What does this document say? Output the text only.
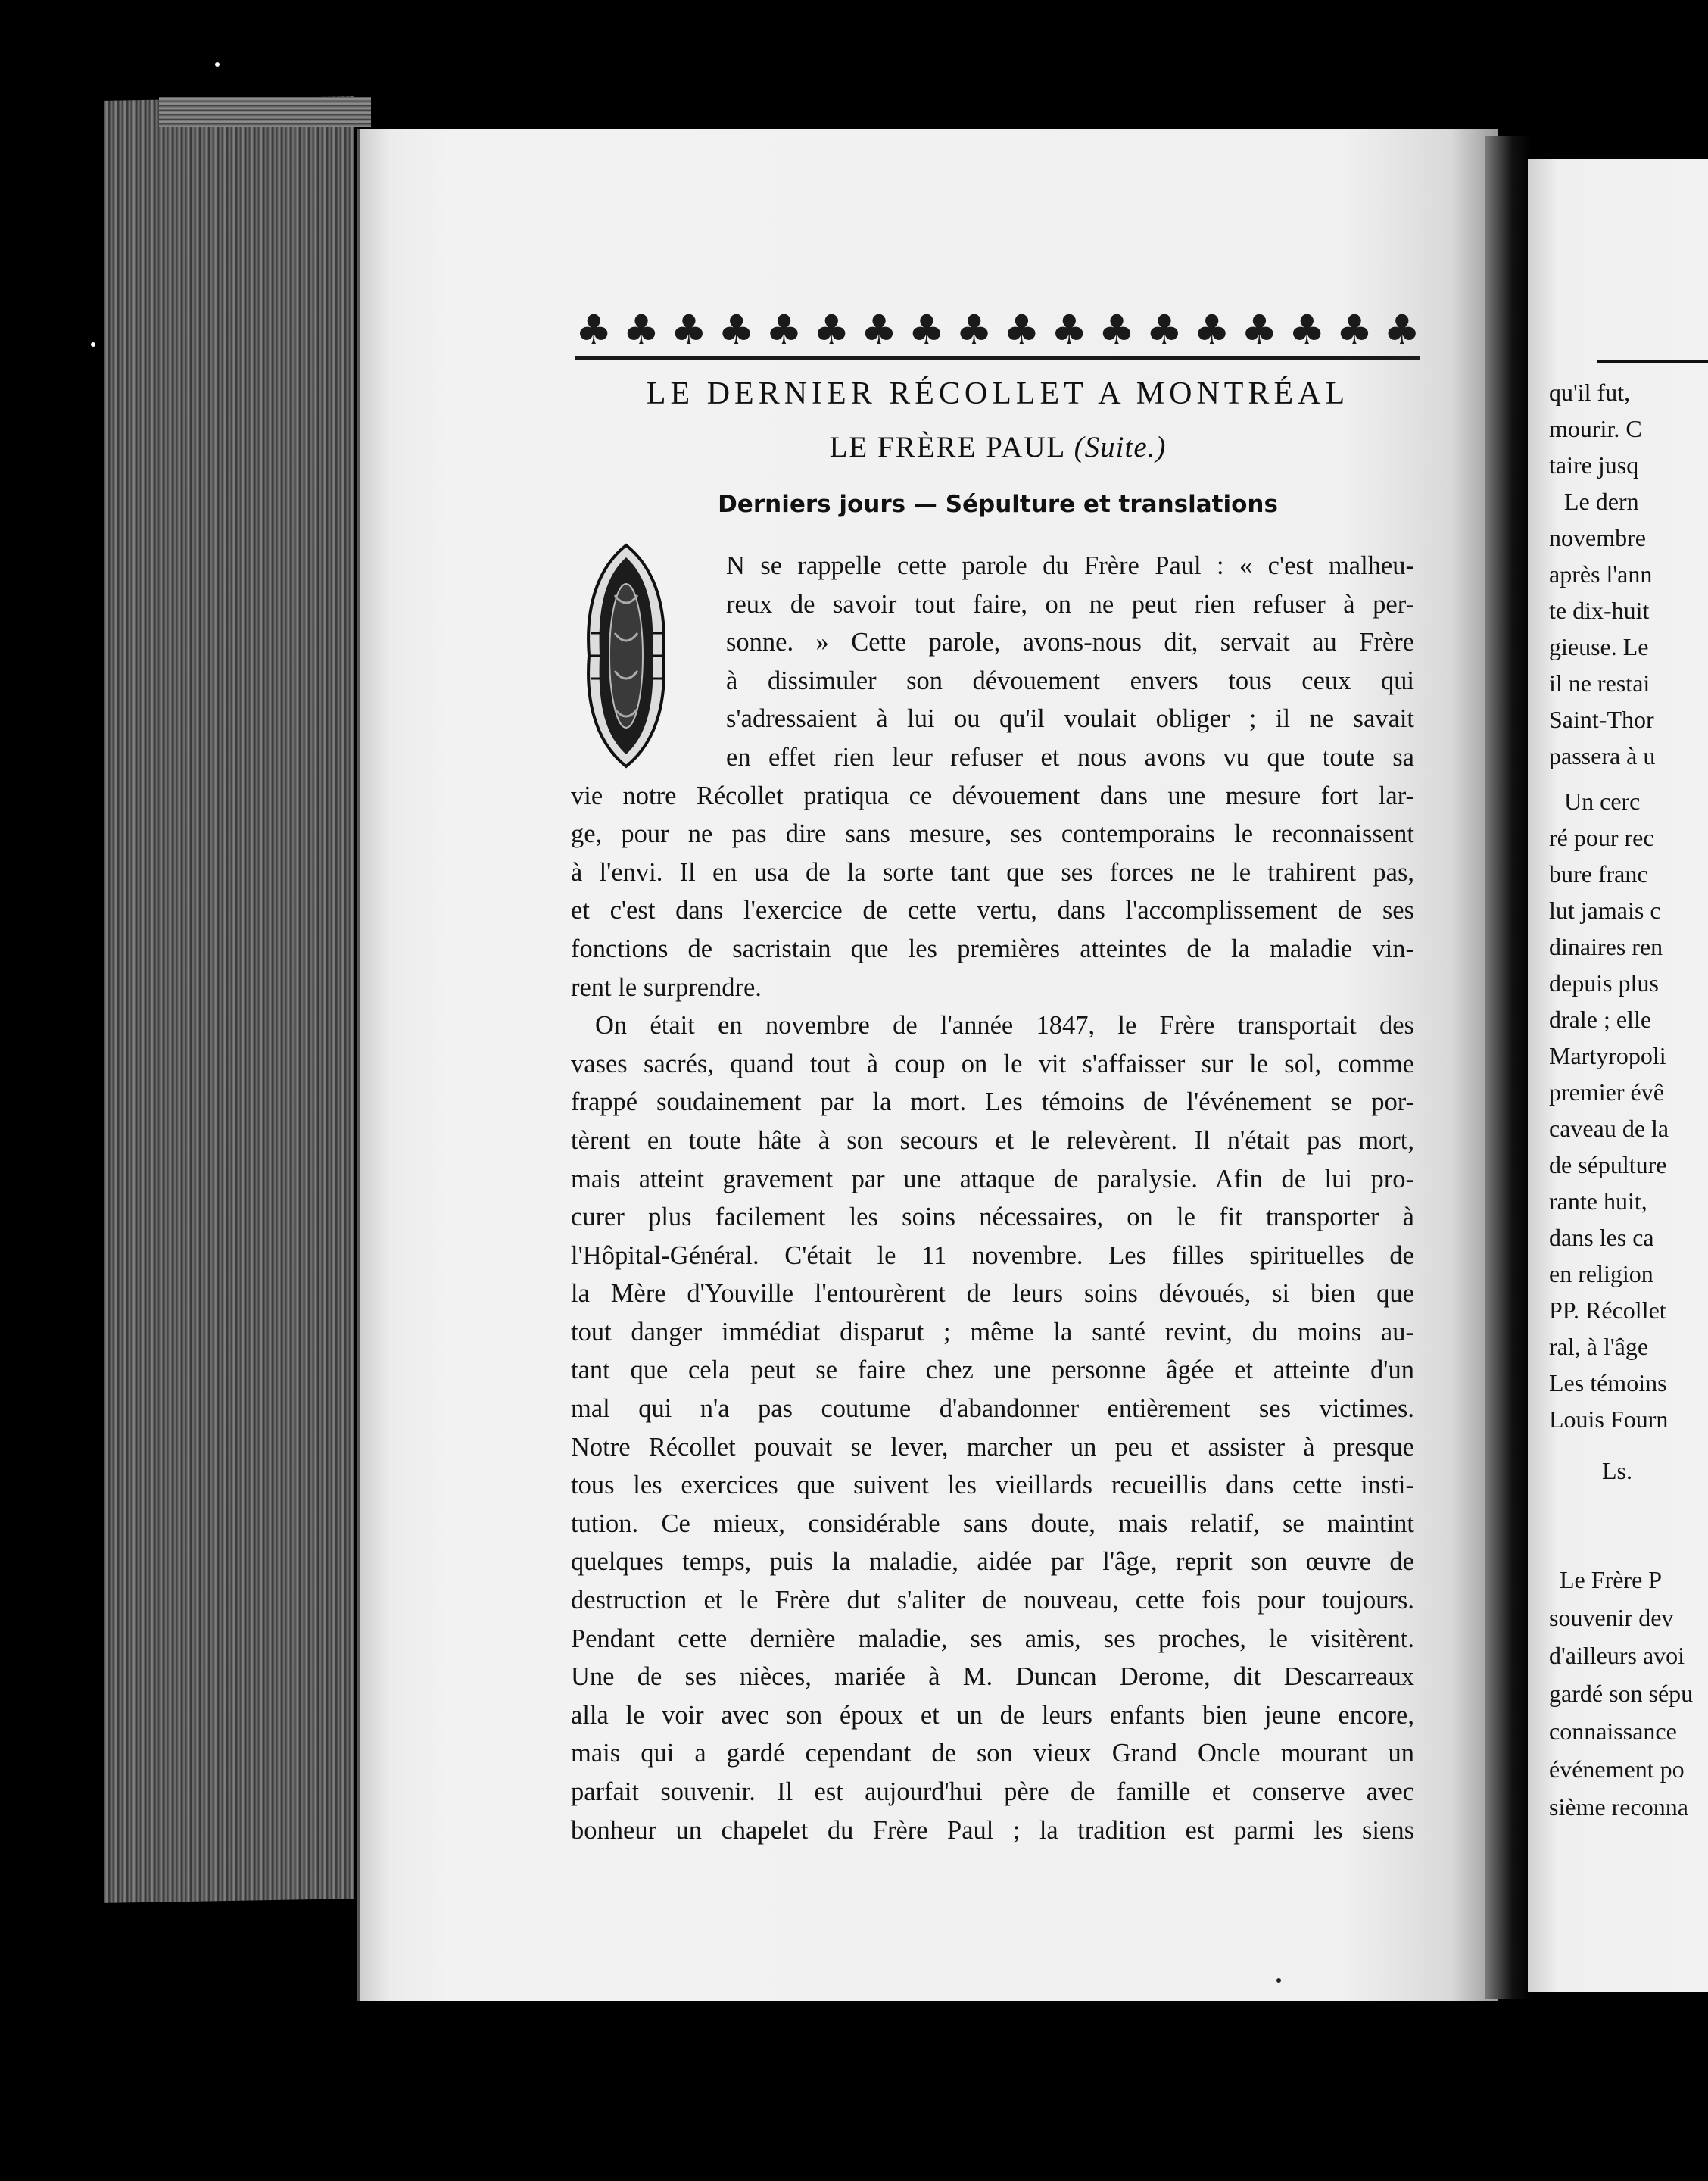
♣ ♣ ♣ ♣ ♣ ♣ ♣ ♣ ♣ ♣ ♣ ♣ ♣ ♣ ♣ ♣ ♣ ♣
LE DERNIER RÉCOLLET A MONTRÉAL
LE FRÈRE PAUL (Suite.)
Derniers jours — Sépulture et translations
N se rappelle cette parole du Frère Paul : « c'est malheu-
reux de savoir tout faire, on ne peut rien refuser à per-
sonne. » Cette parole, avons-nous dit, servait au Frère
à dissimuler son dévouement envers tous ceux qui
s'adressaient à lui ou qu'il voulait obliger ; il ne savait
en effet rien leur refuser et nous avons vu que toute sa
vie notre Récollet pratiqua ce dévouement dans une mesure fort lar-
ge, pour ne pas dire sans mesure, ses contemporains le reconnaissent
à l'envi. Il en usa de la sorte tant que ses forces ne le trahirent pas,
et c'est dans l'exercice de cette vertu, dans l'accomplissement de ses
fonctions de sacristain que les premières atteintes de la maladie vin-
rent le surprendre.
On était en novembre de l'année 1847, le Frère transportait des
vases sacrés, quand tout à coup on le vit s'affaisser sur le sol, comme
frappé soudainement par la mort. Les témoins de l'événement se por-
tèrent en toute hâte à son secours et le relevèrent. Il n'était pas mort,
mais atteint gravement par une attaque de paralysie. Afin de lui pro-
curer plus facilement les soins nécessaires, on le fit transporter à
l'Hôpital-Général. C'était le 11 novembre. Les filles spirituelles de
la Mère d'Youville l'entourèrent de leurs soins dévoués, si bien que
tout danger immédiat disparut ; même la santé revint, du moins au-
tant que cela peut se faire chez une personne âgée et atteinte d'un
mal qui n'a pas coutume d'abandonner entièrement ses victimes.
Notre Récollet pouvait se lever, marcher un peu et assister à presque
tous les exercices que suivent les vieillards recueillis dans cette insti-
tution. Ce mieux, considérable sans doute, mais relatif, se maintint
quelques temps, puis la maladie, aidée par l'âge, reprit son œuvre de
destruction et le Frère dut s'aliter de nouveau, cette fois pour toujours.
Pendant cette dernière maladie, ses amis, ses proches, le visitèrent.
Une de ses nièces, mariée à M. Duncan Derome, dit Descarreaux
alla le voir avec son époux et un de leurs enfants bien jeune encore,
mais qui a gardé cependant de son vieux Grand Oncle mourant un
parfait souvenir. Il est aujourd'hui père de famille et conserve avec
bonheur un chapelet du Frère Paul ; la tradition est parmi les siens
qu'il fut,
mourir. C
taire jusq
Le dern
novembre
après l'ann
te dix-huit
gieuse. Le
il ne restai
Saint-Thor
passera à u
Un cerc
ré pour rec
bure franc
lut jamais c
dinaires ren
depuis plus
drale ; elle
Martyropoli
premier évê
caveau de la
de sépulture
rante huit,
dans les ca
en religion
PP. Récollet
ral, à l'âge
Les témoins
Louis Fourn
Ls.
Le Frère P
souvenir dev
d'ailleurs avoi
gardé son sépu
connaissance
événement po
sième reconna
